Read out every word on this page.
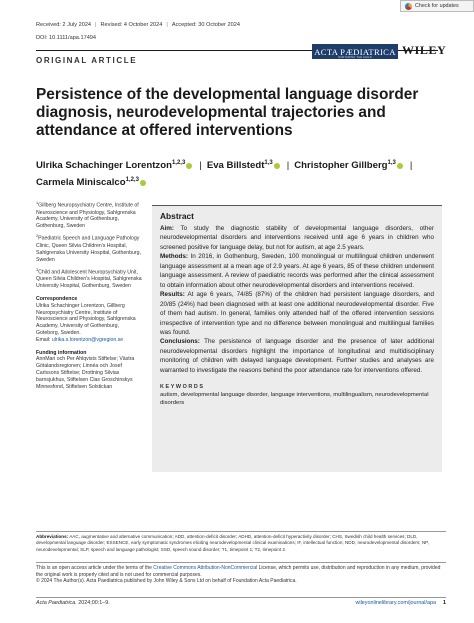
Received: 2 July 2024 | Revised: 4 October 2024 | Accepted: 30 October 2024
DOI: 10.1111/apa.17494
Check for updates
ACTA PÆDIATRICA
NURTURING THE CHILD
WILEY
ORIGINAL ARTICLE
Persistence of the developmental language disorder diagnosis, neurodevelopmental trajectories and attendance at offered interventions
Ulrika Schachinger Lorentzon$^{1,2,3}$ | Eva Billstedt$^{1,3}$ | Christopher Gillberg$^{1,3}$ |
Carmela Miniscalco$^{1,2,3}$

$^1$Gillberg Neuropsychiatry Centre, Institute of Neuroscience and Physiology, Sahlgrenska Academy, University of Gothenburg, Gothenburg, Sweden

$^2$Paediatric Speech and Language Pathology Clinic, Queen Silvia Children's Hospital, Sahlgrenska University Hospital, Gothenburg, Sweden

$^3$Child and Adolescent Neuropsychiatry Unit, Queen Silvia Children's Hospital, Sahlgrenska University Hospital, Gothenburg, Sweden

Correspondence
Ulrika Schachinger Lorentzon, Gillberg Neuropsychiatry Centre, Institute of Neuroscience and Physiology, Sahlgrenska Academy, University of Gothenburg, Goteborg, Sweden.
Email: ulrika.s.lorentzon@vgregion.se

Funding information
AnnMari och Per Ahlqvists Stiftelse; Västra Götalandsregionen; Linnéa och Josef Carlssons Stiftelse; Drottning Silvias barnsjukhus, Stiftelsen Clas Groschinskys Minnesfond, Stiftelsen Solstickan

Abstract
Aim: To study the diagnostic stability of developmental language disorders, other neurodevelopmental disorders and interventions received until age 6 years in children who screened positive for language delay, but not for autism, at age 2.5 years.
Methods: In 2016, in Gothenburg, Sweden, 100 monolingual or multilingual children underwent language assessment at a mean age of 2.9 years. At age 6 years, 85 of these children underwent language assessment. A review of paediatric records was performed after the clinical assessment to obtain information about other neurodevelopmental disorders and interventions received.
Results: At age 6 years, 74/85 (87%) of the children had persistent language disorders, and 20/85 (24%) had been diagnosed with at least one additional neurodevelopmental disorder. Five of them had autism. In general, families only attended half of the offered intervention sessions irrespective of intervention type and no difference between monolingual and multilingual families was found.
Conclusions: The persistence of language disorder and the presence of later additional neurodevelopmental disorders highlight the importance of longitudinal and multidisciplinary monitoring of children with delayed language development. Further studies and analyses are warranted to investigate the reasons behind the poor attendance rate for interventions offered.
KEYWORDS
autism, developmental language disorder, language interventions, multilingualism, neurodevelopmental disorders
Abbreviations: AAC, augmentative and alternative communication; ADD, attention-deficit disorder; ADHD, attention-deficit hyperactivity disorder; CHS, Swedish child health services; DLD, developmental language disorder; ESSENCE, early symptomatic syndromes eliciting neurodevelopmental clinical examinations; IF, intellectual function; NDD, neurodevelopmental disorders; NP, neurodevelopmental; SLP, speech and language pathologist; SSD, speech sound disorder; T1, timepoint 1; T2, timepoint 2.
This is an open access article under the terms of the Creative Commons Attribution-NonCommercial License, which permits use, distribution and reproduction in any medium, provided the original work is properly cited and is not used for commercial purposes.
© 2024 The Author(s). Acta Paediatrica published by John Wiley & Sons Ltd on behalf of Foundation Acta Paediatrica.
Acta Paediatrica. 2024;00:1–9.	wileyonlinelibrary.com/journal/apa 1
